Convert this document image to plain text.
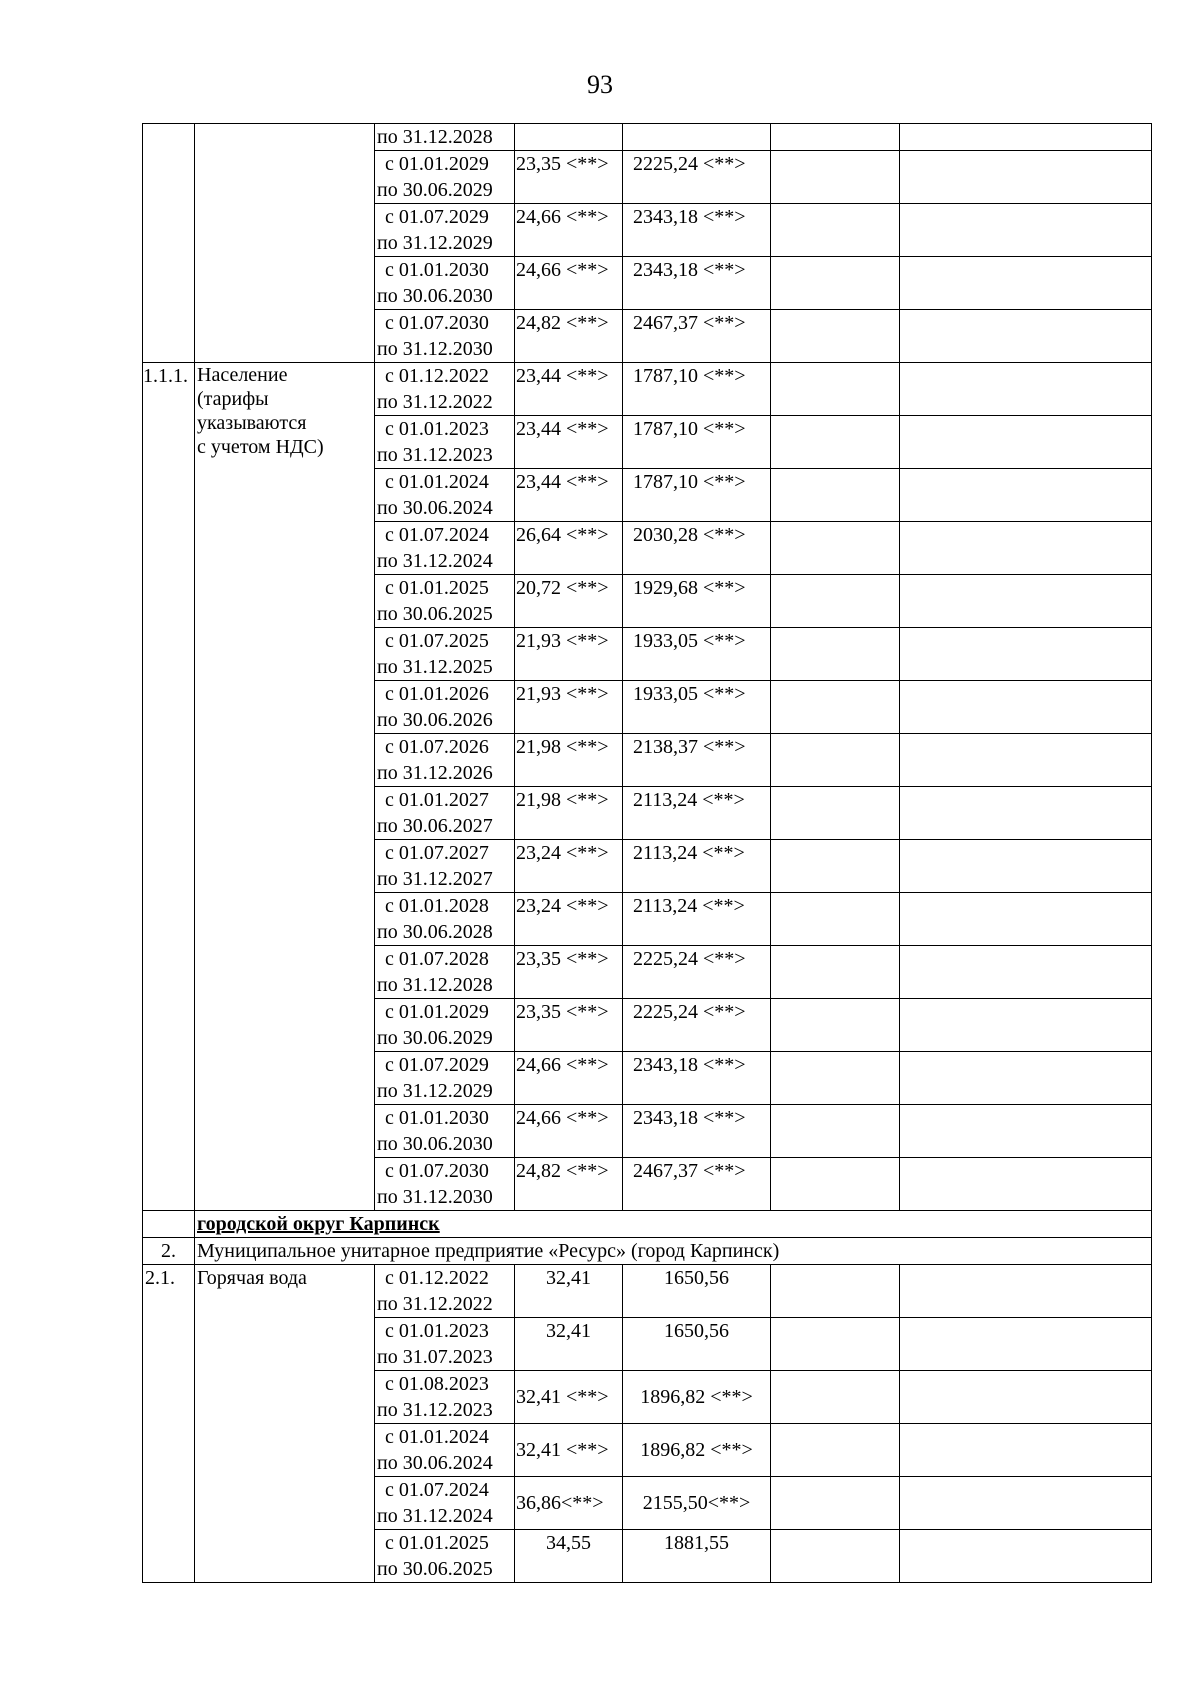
93

		по 31.12.2028				

		с 01.01.2029
по 30.06.2029	23,35 <**>	2225,24 <**>		

		с 01.07.2029
по 31.12.2029	24,66 <**>	2343,18 <**>		

		с 01.01.2030
по 30.06.2030	24,66 <**>	2343,18 <**>		

		с 01.07.2030
по 31.12.2030	24,82 <**>	2467,37 <**>		
1.1.1.	Население
(тарифы
указываются
с учетом НДС)	с 01.12.2022
по 31.12.2022	23,44 <**>	1787,10 <**>		

		с 01.01.2023
по 31.12.2023	23,44 <**>	1787,10 <**>		

		с 01.01.2024
по 30.06.2024	23,44 <**>	1787,10 <**>		

		с 01.07.2024
по 31.12.2024	26,64 <**>	2030,28 <**>		

		с 01.01.2025
по 30.06.2025	20,72 <**>	1929,68 <**>		

		с 01.07.2025
по 31.12.2025	21,93 <**>	1933,05 <**>		

		с 01.01.2026
по 30.06.2026	21,93 <**>	1933,05 <**>		

		с 01.07.2026
по 31.12.2026	21,98 <**>	2138,37 <**>		

		с 01.01.2027
по 30.06.2027	21,98 <**>	2113,24 <**>		

		с 01.07.2027
по 31.12.2027	23,24 <**>	2113,24 <**>		

		с 01.01.2028
по 30.06.2028	23,24 <**>	2113,24 <**>		

		с 01.07.2028
по 31.12.2028	23,35 <**>	2225,24 <**>		

		с 01.01.2029
по 30.06.2029	23,35 <**>	2225,24 <**>		

		с 01.07.2029
по 31.12.2029	24,66 <**>	2343,18 <**>		

		с 01.01.2030
по 30.06.2030	24,66 <**>	2343,18 <**>		

		с 01.07.2030
по 31.12.2030	24,82 <**>	2467,37 <**>		
	городской округ Карпинск					
2.	Муниципальное унитарное предприятие «Ресурс» (город Карпинск)					
2.1.	Горячая вода	с 01.12.2022
по 31.12.2022	32,41	1650,56		

		с 01.01.2023
по 31.07.2023	32,41	1650,56		

		с 01.08.2023
по 31.12.2023	32,41 <**>	1896,82 <**>		

		с 01.01.2024
по 30.06.2024	32,41 <**>	1896,82 <**>		

		с 01.07.2024
по 31.12.2024	36,86<**>	2155,50<**>		

		с 01.01.2025
по 30.06.2025	34,55	1881,55		
